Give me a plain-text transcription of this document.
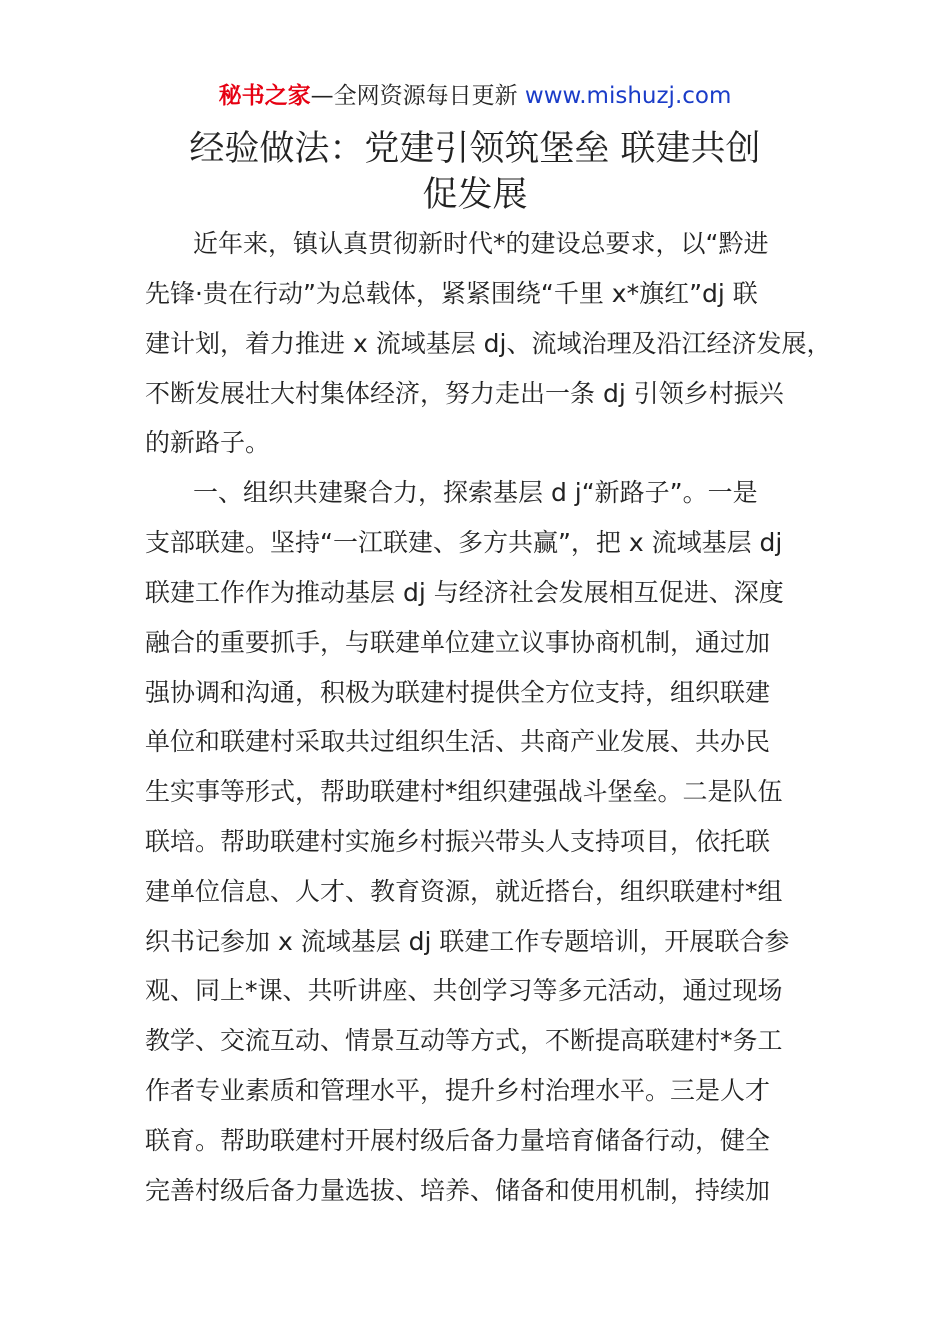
秘书之家—全网资源每日更新 www.mishuzj.com
经验做法：党建引领筑堡垒 联建共创
促发展
近年来，镇认真贯彻新时代*的建设总要求，以“黔进
先锋·贵在行动”为总载体，紧紧围绕“千里 x*旗红”dj 联
建计划，着力推进 x 流域基层 dj、流域治理及沿江经济发展，
不断发展壮大村集体经济，努力走出一条 dj 引领乡村振兴
的新路子。
一、组织共建聚合力，探索基层 d j“新路子”。一是
支部联建。坚持“一江联建、多方共赢”，把 x 流域基层 dj
联建工作作为推动基层 dj 与经济社会发展相互促进、深度
融合的重要抓手，与联建单位建立议事协商机制，通过加
强协调和沟通，积极为联建村提供全方位支持，组织联建
单位和联建村采取共过组织生活、共商产业发展、共办民
生实事等形式，帮助联建村*组织建强战斗堡垒。二是队伍
联培。帮助联建村实施乡村振兴带头人支持项目，依托联
建单位信息、人才、教育资源，就近搭台，组织联建村*组
织书记参加 x 流域基层 dj 联建工作专题培训，开展联合参
观、同上*课、共听讲座、共创学习等多元活动，通过现场
教学、交流互动、情景互动等方式，不断提高联建村*务工
作者专业素质和管理水平，提升乡村治理水平。三是人才
联育。帮助联建村开展村级后备力量培育储备行动，健全
完善村级后备力量选拔、培养、储备和使用机制，持续加
